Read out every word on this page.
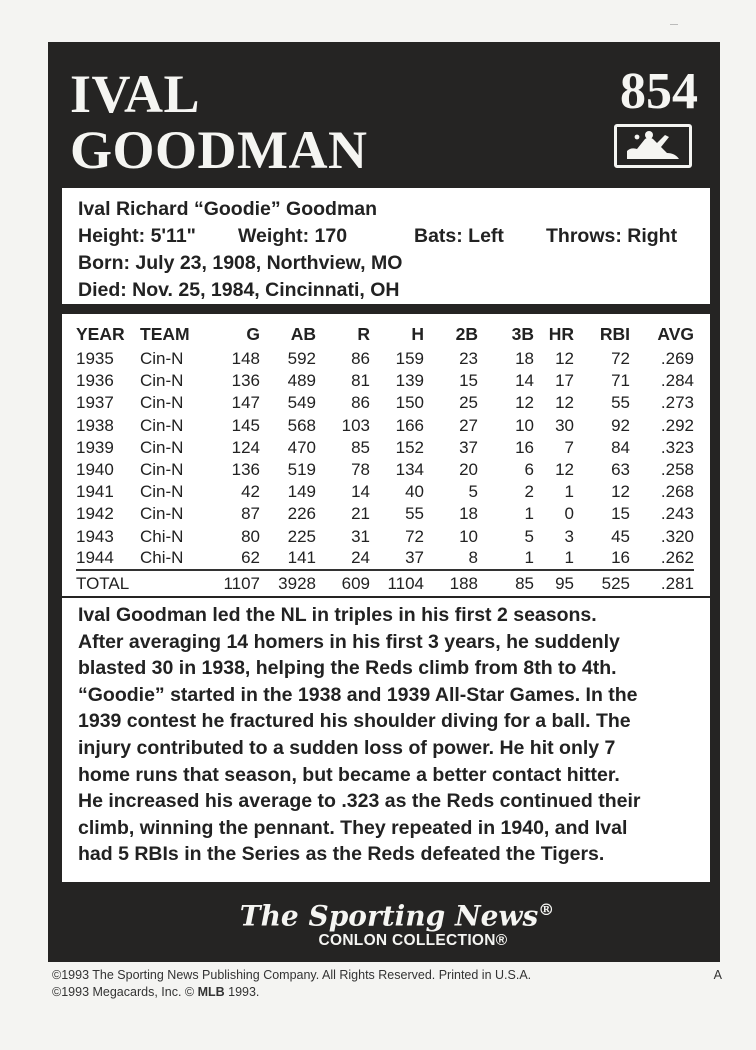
IVAL
GOODMAN
854
Ival Richard “Goodie” Goodman
Height: 5'11" Weight: 170	Bats: Left Throws: Right
Born: July 23, 1908, Northview, MO
Died: Nov. 25, 1984, Cincinnati, OH
YEAR	TEAM	G	AB	R	H	2B	3B	HR	RBI	AVG
1935	Cin-N	148	592	86	159	23	18	12	72	.269
1936	Cin-N	136	489	81	139	15	14	17	71	.284
1937	Cin-N	147	549	86	150	25	12	12	55	.273
1938	Cin-N	145	568	103	166	27	10	30	92	.292
1939	Cin-N	124	470	85	152	37	16	7	84	.323
1940	Cin-N	136	519	78	134	20	6	12	63	.258
1941	Cin-N	42	149	14	40	5	2	1	12	.268
1942	Cin-N	87	226	21	55	18	1	0	15	.243
1943	Chi-N	80	225	31	72	10	5	3	45	.320
1944	Chi-N	62	141	24	37	8	1	1	16	.262
TOTAL		1107	3928	609	1104	188	85	95	525	.281
Ival Goodman led the NL in triples in his first 2 seasons.
After averaging 14 homers in his first 3 years, he suddenly
blasted 30 in 1938, helping the Reds climb from 8th to 4th.
“Goodie” started in the 1938 and 1939 All-Star Games. In the
1939 contest he fractured his shoulder diving for a ball. The
injury contributed to a sudden loss of power. He hit only 7
home runs that season, but became a better contact hitter.
He increased his average to .323 as the Reds continued their
climb, winning the pennant. They repeated in 1940, and Ival
had 5 RBIs in the Series as the Reds defeated the Tigers.
The Sporting News®
CONLON COLLECTION®
©1993 The Sporting News Publishing Company. All Rights Reserved. Printed in U.S.A.
©1993 Megacards, Inc. © MLB 1993.
A
